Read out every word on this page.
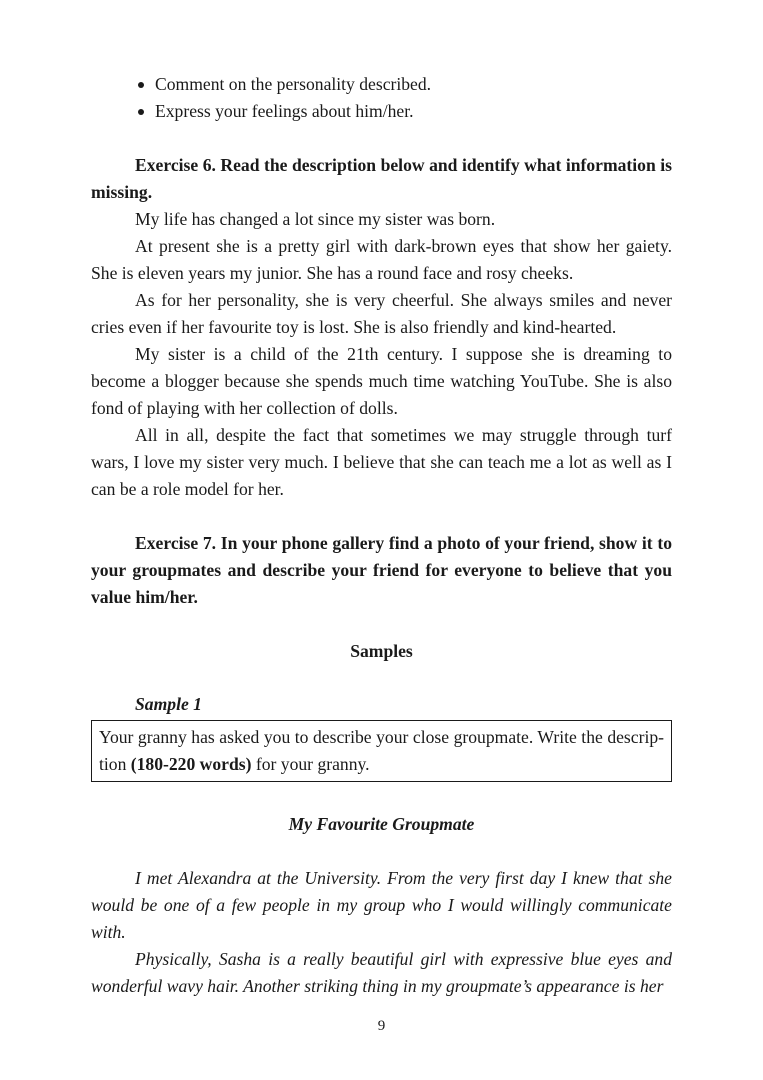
Comment on the personality described.
Express your feelings about him/her.

Exercise 6. Read the description below and identify what information is missing.

My life has changed a lot since my sister was born.

At present she is a pretty girl with dark-brown eyes that show her gaiety. She is eleven years my junior. She has a round face and rosy cheeks.

As for her personality, she is very cheerful. She always smiles and never cries even if her favourite toy is lost. She is also friendly and kind-hearted.

My sister is a child of the 21th century. I suppose she is dreaming to become a blogger because she spends much time watching YouTube. She is also fond of playing with her collection of dolls.

All in all, despite the fact that sometimes we may struggle through turf wars, I love my sister very much. I believe that she can teach me a lot as well as I can be a role model for her.

Exercise 7. In your phone gallery find a photo of your friend, show it to your groupmates and describe your friend for everyone to believe that you value him/her.

Samples

Sample 1

Your granny has asked you to describe your close groupmate. Write the descrip-tion (180-220 words) for your granny.

My Favourite Groupmate

I met Alexandra at the University. From the very first day I knew that she would be one of a few people in my group who I would willingly communicate with.

Physically, Sasha is a really beautiful girl with expressive blue eyes and wonderful wavy hair. Another striking thing in my groupmate’s appearance is her

9
